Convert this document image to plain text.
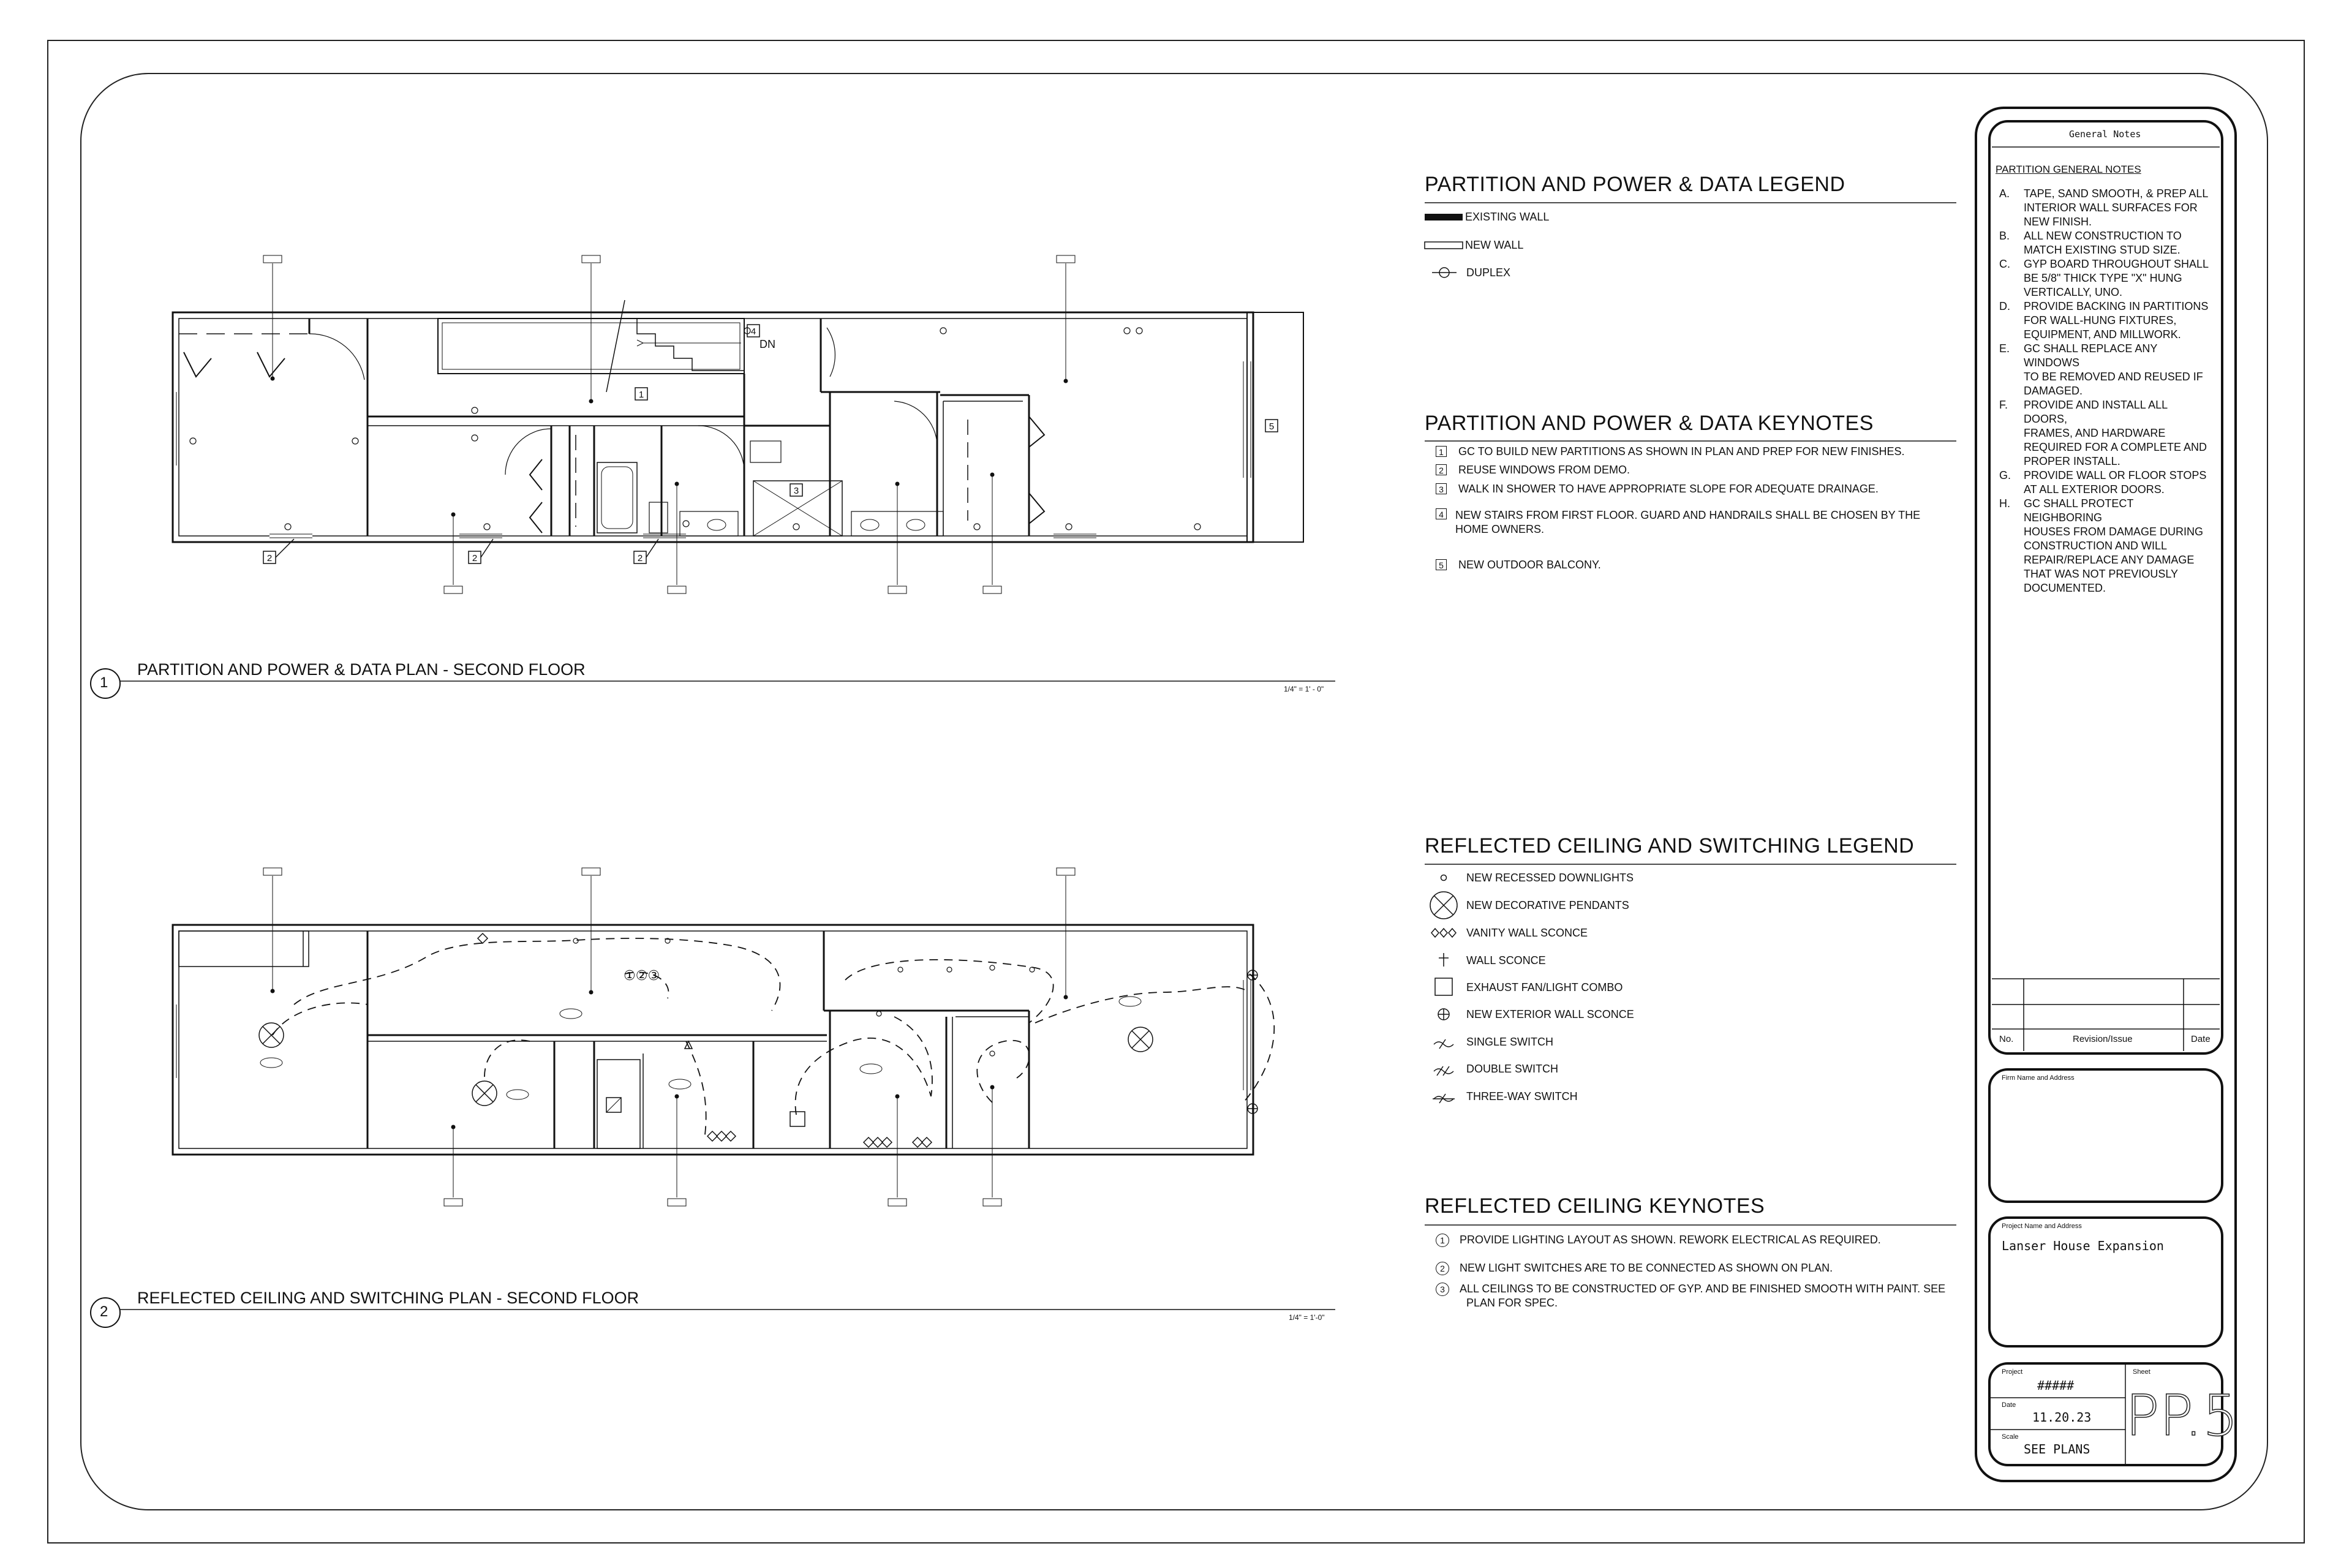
DN
4
1
3
5
2	2	2
①②③
1
PARTITION AND POWER & DATA PLAN - SECOND FLOOR
1/4" = 1' - 0"
2
REFLECTED CEILING AND SWITCHING PLAN - SECOND FLOOR
1/4" = 1'-0"
PARTITION AND POWER & DATA LEGEND
EXISTING WALL
NEW WALL
DUPLEX
PARTITION AND POWER & DATA KEYNOTES
1 GC TO BUILD NEW PARTITIONS AS SHOWN IN PLAN AND PREP FOR NEW FINISHES.
2 REUSE WINDOWS FROM DEMO.
3 WALK IN SHOWER TO HAVE APPROPRIATE SLOPE FOR ADEQUATE DRAINAGE.
4 NEW STAIRS FROM FIRST FLOOR. GUARD AND HANDRAILS SHALL BE CHOSEN BY THE HOME OWNERS.
5 NEW OUTDOOR BALCONY.
REFLECTED CEILING AND SWITCHING LEGEND
NEW RECESSED DOWNLIGHTS
NEW DECORATIVE PENDANTS
VANITY WALL SCONCE
WALL SCONCE
EXHAUST FAN/LIGHT COMBO
NEW EXTERIOR WALL SCONCE
SINGLE SWITCH
DOUBLE SWITCH
THREE-WAY SWITCH
REFLECTED CEILING KEYNOTES
1 PROVIDE LIGHTING LAYOUT AS SHOWN. REWORK ELECTRICAL AS REQUIRED.
2 NEW LIGHT SWITCHES ARE TO BE CONNECTED AS SHOWN ON PLAN.
3 ALL CEILINGS TO BE CONSTRUCTED OF GYP. AND BE FINISHED SMOOTH WITH PAINT. SEE
PLAN FOR SPEC.
General Notes
PARTITION GENERAL NOTES
A.	TAPE, SAND SMOOTH, & PREP ALL
INTERIOR WALL SURFACES FOR
NEW FINISH.
B.	ALL NEW CONSTRUCTION TO
MATCH EXISTING STUD SIZE.
C.	GYP BOARD THROUGHOUT SHALL
BE 5/8" THICK TYPE "X" HUNG
VERTICALLY, UNO.
D.	PROVIDE BACKING IN PARTITIONS
FOR WALL-HUNG FIXTURES,
EQUIPMENT, AND MILLWORK.
E.	GC SHALL REPLACE ANY WINDOWS
TO BE REMOVED AND REUSED IF
DAMAGED.
F.	PROVIDE AND INSTALL ALL DOORS,
FRAMES, AND HARDWARE
REQUIRED FOR A COMPLETE AND
PROPER INSTALL.
G.	PROVIDE WALL OR FLOOR STOPS
AT ALL EXTERIOR DOORS.
H.	GC SHALL PROTECT NEIGHBORING
HOUSES FROM DAMAGE DURING
CONSTRUCTION AND WILL
REPAIR/REPLACE ANY DAMAGE
THAT WAS NOT PREVIOUSLY
DOCUMENTED.
No.	Revision/Issue	Date
Firm Name and Address
Project Name and Address
Lanser House Expansion
Project
#####
Sheet
PP.5
Date
11.20.23
Scale
SEE PLANS
